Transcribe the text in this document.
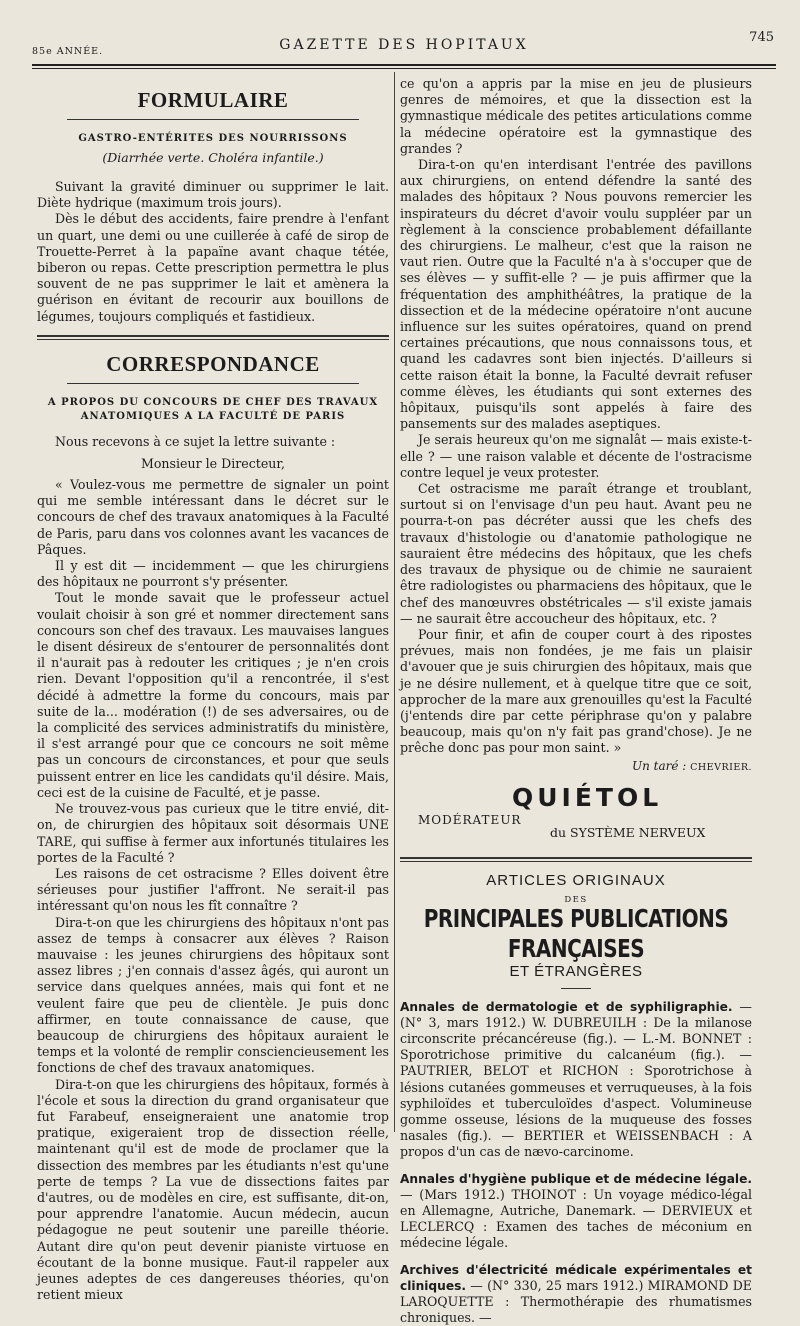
85e ANNÉE.	GAZETTE DES HOPITAUX	745
FORMULAIRE
GASTRO-ENTÉRITES DES NOURRISSONS
(Diarrhée verte. Choléra infantile.)

Suivant la gravité diminuer ou supprimer le lait. Diète hydrique (maximum trois jours).

Dès le début des accidents, faire prendre à l'enfant un quart, une demi ou une cuillerée à café de sirop de Trouette-Perret à la papaïne avant chaque tétée, biberon ou repas. Cette prescription permettra le plus souvent de ne pas supprimer le lait et amènera la guérison en évitant de recourir aux bouillons de légumes, toujours compliqués et fastidieux.

CORRESPONDANCE
A PROPOS DU CONCOURS DE CHEF DES TRAVAUX
ANATOMIQUES A LA FACULTÉ DE PARIS

Nous recevons à ce sujet la lettre suivante :

Monsieur le Directeur,

« Voulez-vous me permettre de signaler un point qui me semble intéressant dans le décret sur le concours de chef des travaux anatomiques à la Faculté de Paris, paru dans vos colonnes avant les vacances de Pâques.

Il y est dit — incidemment — que les chirurgiens des hôpitaux ne pourront s'y présenter.

Tout le monde savait que le professeur actuel voulait choisir à son gré et nommer directement sans concours son chef des travaux. Les mauvaises langues le disent désireux de s'entourer de personnalités dont il n'aurait pas à redouter les critiques ; je n'en crois rien. Devant l'opposition qu'il a rencontrée, il s'est décidé à admettre la forme du concours, mais par suite de la... modération (!) de ses adversaires, ou de la complicité des services administratifs du ministère, il s'est arrangé pour que ce concours ne soit même pas un concours de circonstances, et pour que seuls puissent entrer en lice les candidats qu'il désire. Mais, ceci est de la cuisine de Faculté, et je passe.

Ne trouvez-vous pas curieux que le titre envié, dit-on, de chirurgien des hôpitaux soit désormais UNE TARE, qui suffise à fermer aux infortunés titulaires les portes de la Faculté ?

Les raisons de cet ostracisme ? Elles doivent être sérieuses pour justifier l'affront. Ne serait-il pas intéressant qu'on nous les fît connaître ?

Dira-t-on que les chirurgiens des hôpitaux n'ont pas assez de temps à consacrer aux élèves ? Raison mauvaise : les jeunes chirurgiens des hôpitaux sont assez libres ; j'en connais d'assez âgés, qui auront un service dans quelques années, mais qui font et ne veulent faire que peu de clientèle. Je puis donc affirmer, en toute connaissance de cause, que beaucoup de chirurgiens des hôpitaux auraient le temps et la volonté de remplir consciencieusement les fonctions de chef des travaux anatomiques.

Dira-t-on que les chirurgiens des hôpitaux, formés à l'école et sous la direction du grand organisateur que fut Farabeuf, enseigneraient une anatomie trop pratique, exigeraient trop de dissection réelle, maintenant qu'il est de mode de proclamer que la dissection des membres par les étudiants n'est qu'une perte de temps ? La vue de dissections faites par d'autres, ou de modèles en cire, est suffisante, dit-on, pour apprendre l'anatomie. Aucun médecin, aucun pédagogue ne peut soutenir une pareille théorie. Autant dire qu'on peut devenir pianiste virtuose en écoutant de la bonne musique. Faut-il rappeler aux jeunes adeptes de ces dangereuses théories, qu'on retient mieux

ce qu'on a appris par la mise en jeu de plusieurs genres de mémoires, et que la dissection est la gymnastique médicale des petites articulations comme la médecine opératoire est la gymnastique des grandes ?

Dira-t-on qu'en interdisant l'entrée des pavillons aux chirurgiens, on entend défendre la santé des malades des hôpitaux ? Nous pouvons remercier les inspirateurs du décret d'avoir voulu suppléer par un règlement à la conscience probablement défaillante des chirurgiens. Le malheur, c'est que la raison ne vaut rien. Outre que la Faculté n'a à s'occuper que de ses élèves — y suffit-elle ? — je puis affirmer que la fréquentation des amphithéâtres, la pratique de la dissection et de la médecine opératoire n'ont aucune influence sur les suites opératoires, quand on prend certaines précautions, que nous connaissons tous, et quand les cadavres sont bien injectés. D'ailleurs si cette raison était la bonne, la Faculté devrait refuser comme élèves, les étudiants qui sont externes des hôpitaux, puisqu'ils sont appelés à faire des pansements sur des malades aseptiques.

Je serais heureux qu'on me signalât — mais existe-t-elle ? — une raison valable et décente de l'ostracisme contre lequel je veux protester.

Cet ostracisme me paraît étrange et troublant, surtout si on l'envisage d'un peu haut. Avant peu ne pourra-t-on pas décréter aussi que les chefs des travaux d'histologie ou d'anatomie pathologique ne sauraient être médecins des hôpitaux, que les chefs des travaux de physique ou de chimie ne sauraient être radiologistes ou pharmaciens des hôpitaux, que le chef des manœuvres obstétricales — s'il existe jamais — ne saurait être accoucheur des hôpitaux, etc. ?

Pour finir, et afin de couper court à des ripostes prévues, mais non fondées, je me fais un plaisir d'avouer que je suis chirurgien des hôpitaux, mais que je ne désire nullement, et à quelque titre que ce soit, approcher de la mare aux grenouilles qu'est la Faculté (j'entends dire par cette périphrase qu'on y palabre beaucoup, mais qu'on n'y fait pas grand'chose). Je ne prêche donc pas pour mon saint. »

Un taré : CHEVRIER.
QUIÉTOL
MODÉRATEUR
du SYSTÈME NERVEUX
ARTICLES ORIGINAUX
DES
PRINCIPALES PUBLICATIONS FRANÇAISES
ET ÉTRANGÈRES

Annales de dermatologie et de syphiligraphie. — (N° 3, mars 1912.) W. DUBREUILH : De la milanose circonscrite précancéreuse (fig.). — L.-M. BONNET : Sporotrichose primitive du calcanéum (fig.). — PAUTRIER, BELOT et RICHON : Sporotrichose à lésions cutanées gommeuses et verruqueuses, à la fois syphiloïdes et tuberculoïdes d'aspect. Volumineuse gomme osseuse, lésions de la muqueuse des fosses nasales (fig.). — BERTIER et WEISSENBACH : A propos d'un cas de nævo-carcinome.

Annales d'hygiène publique et de médecine légale. — (Mars 1912.) THOINOT : Un voyage médico-légal en Allemagne, Autriche, Danemark. — DERVIEUX et LECLERCQ : Examen des taches de méconium en médecine légale.

Archives d'électricité médicale expérimentales et cliniques. — (N° 330, 25 mars 1912.) MIRAMOND DE LAROQUETTE : Thermothérapie des rhumatismes chroniques. —
